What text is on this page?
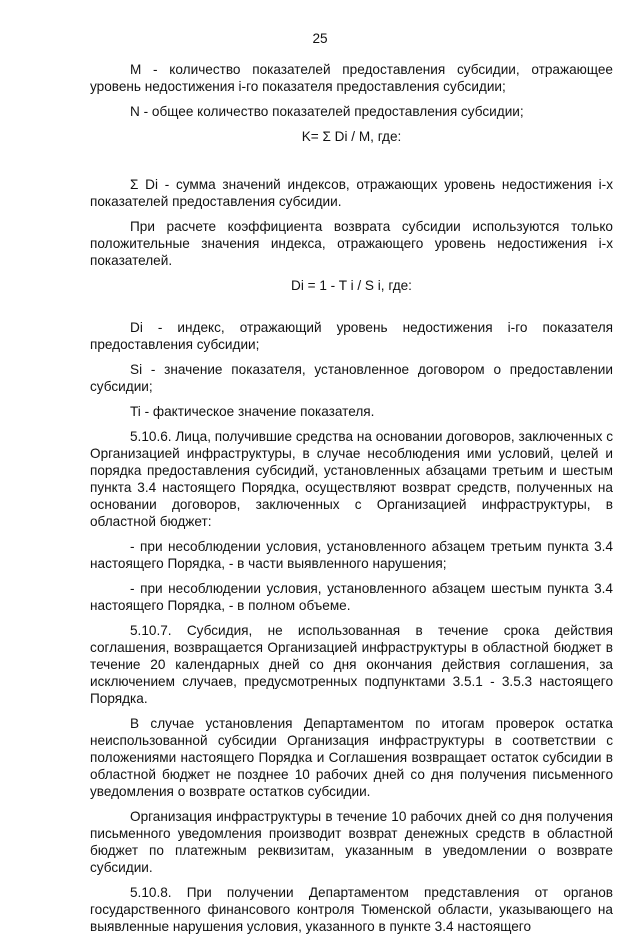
25

M - количество показателей предоставления субсидии, отражающее уровень недостижения i-го показателя предоставления субсидии;

N - общее количество показателей предоставления субсидии;

K= Σ Di / M, где:

Σ Di - сумма значений индексов, отражающих уровень недостижения i-х показателей предоставления субсидии.

При расчете коэффициента возврата субсидии используются только положительные значения индекса, отражающего уровень недостижения i-х показателей.

Di = 1 - T i / S i, где:

Di - индекс, отражающий уровень недостижения i-го показателя предоставления субсидии;

Si - значение показателя, установленное договором о предоставлении субсидии;

Ti - фактическое значение показателя.

5.10.6. Лица, получившие средства на основании договоров, заключенных с Организацией инфраструктуры, в случае несоблюдения ими условий, целей и порядка предоставления субсидий, установленных абзацами третьим и шестым пункта 3.4 настоящего Порядка, осуществляют возврат средств, полученных на основании договоров, заключенных с Организацией инфраструктуры, в областной бюджет:

- при несоблюдении условия, установленного абзацем третьим пункта 3.4 настоящего Порядка, - в части выявленного нарушения;

- при несоблюдении условия, установленного абзацем шестым пункта 3.4 настоящего Порядка, - в полном объеме.

5.10.7. Субсидия, не использованная в течение срока действия соглашения, возвращается Организацией инфраструктуры в областной бюджет в течение 20 календарных дней со дня окончания действия соглашения, за исключением случаев, предусмотренных подпунктами 3.5.1 - 3.5.3 настоящего Порядка.

В случае установления Департаментом по итогам проверок остатка неиспользованной субсидии Организация инфраструктуры в соответствии с положениями настоящего Порядка и Соглашения возвращает остаток субсидии в областной бюджет не позднее 10 рабочих дней со дня получения письменного уведомления о возврате остатков субсидии.

Организация инфраструктуры в течение 10 рабочих дней со дня получения письменного уведомления производит возврат денежных средств в областной бюджет по платежным реквизитам, указанным в уведомлении о возврате субсидии.

5.10.8. При получении Департаментом представления от органов государственного финансового контроля Тюменской области, указывающего на выявленные нарушения условия, указанного в пункте 3.4 настоящего
